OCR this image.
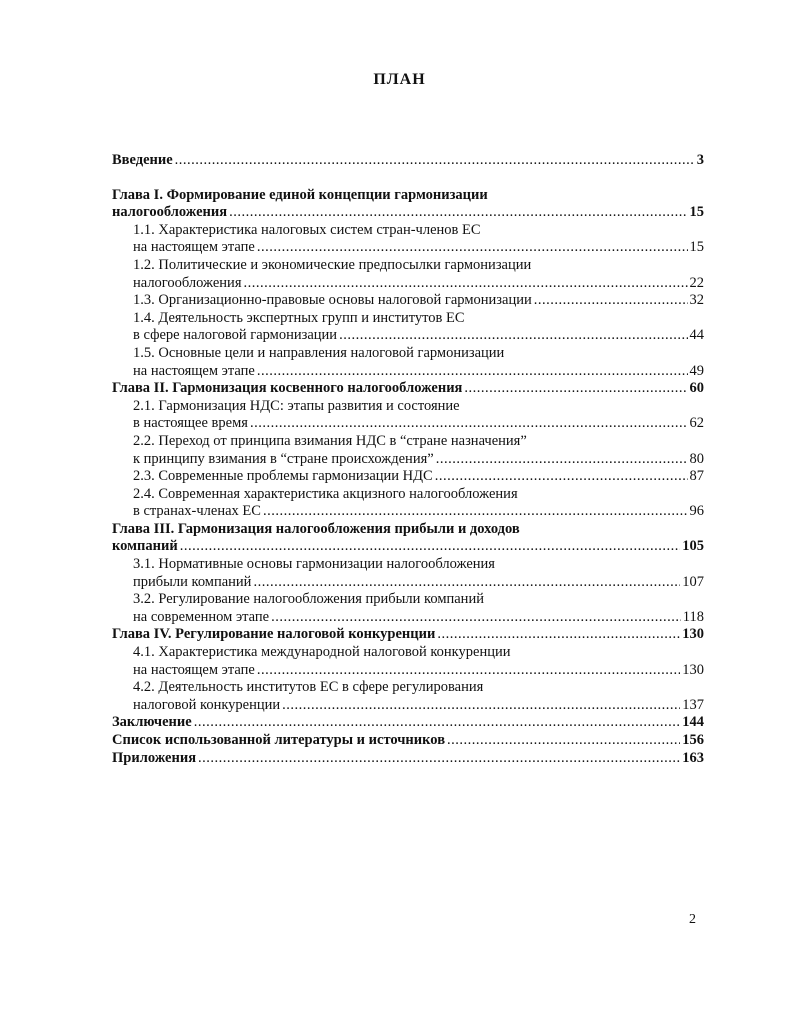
ПЛАН
Введение .....	3
Глава I. Формирование единой концепции гармонизации
налогообложения .....	15
1.1. Характеристика налоговых систем стран-членов ЕС
на настоящем этапе .....	15
1.2. Политические и экономические предпосылки гармонизации
налогообложения .....	22
1.3. Организационно-правовые основы налоговой гармонизации .....	32
1.4. Деятельность экспертных групп и институтов ЕС
в сфере налоговой гармонизации .....	44
1.5. Основные цели и направления налоговой гармонизации
на настоящем этапе .....	49
Глава II. Гармонизация косвенного налогообложения .....	60
2.1. Гармонизация НДС: этапы развития и состояние
в настоящее время .....	62
2.2. Переход от принципа взимания НДС в “стране назначения”
к принципу взимания в “стране происхождения” .....	80
2.3. Современные проблемы гармонизации НДС .....	87
2.4. Современная характеристика акцизного налогообложения
в странах-членах ЕС .....	96
Глава III. Гармонизация налогообложения прибыли и доходов
компаний .....	105
3.1. Нормативные основы гармонизации налогообложения
прибыли компаний .....	107
3.2. Регулирование налогообложения прибыли компаний
на современном этапе .....	118
Глава IV. Регулирование налоговой конкуренции .....	130
4.1. Характеристика международной налоговой конкуренции
на настоящем этапе .....	130
4.2. Деятельность институтов ЕС в сфере регулирования
налоговой конкуренции .....	137
Заключение .....	144
Список использованной литературы и источников .....	156
Приложения .....	163
2
